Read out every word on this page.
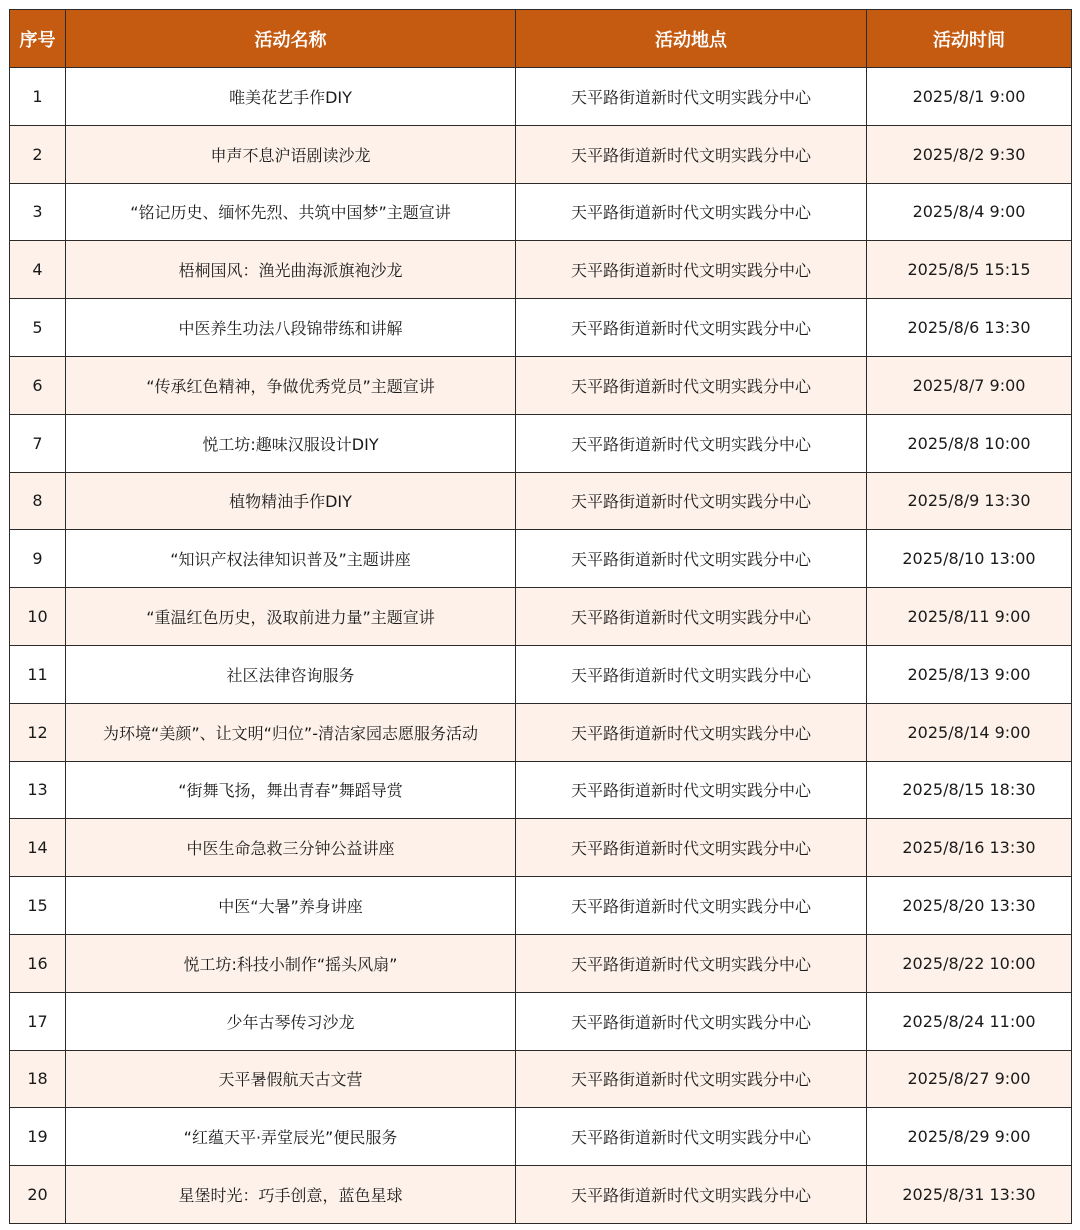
序号	活动名称	活动地点	活动时间
1	唯美花艺手作DIY	天平路街道新时代文明实践分中心	2025/8/1 9:00
2	申声不息沪语剧读沙龙	天平路街道新时代文明实践分中心	2025/8/2 9:30
3	“铭记历史、缅怀先烈、共筑中国梦”主题宣讲	天平路街道新时代文明实践分中心	2025/8/4 9:00
4	梧桐国风：渔光曲海派旗袍沙龙	天平路街道新时代文明实践分中心	2025/8/5 15:15
5	中医养生功法八段锦带练和讲解	天平路街道新时代文明实践分中心	2025/8/6 13:30
6	“传承红色精神，争做优秀党员”主题宣讲	天平路街道新时代文明实践分中心	2025/8/7 9:00
7	悦工坊:趣味汉服设计DIY	天平路街道新时代文明实践分中心	2025/8/8 10:00
8	植物精油手作DIY	天平路街道新时代文明实践分中心	2025/8/9 13:30
9	“知识产权法律知识普及”主题讲座	天平路街道新时代文明实践分中心	2025/8/10 13:00
10	“重温红色历史，汲取前进力量”主题宣讲	天平路街道新时代文明实践分中心	2025/8/11 9:00
11	社区法律咨询服务	天平路街道新时代文明实践分中心	2025/8/13 9:00
12	为环境“美颜”、让文明“归位”-清洁家园志愿服务活动	天平路街道新时代文明实践分中心	2025/8/14 9:00
13	“街舞飞扬，舞出青春”舞蹈导赏	天平路街道新时代文明实践分中心	2025/8/15 18:30
14	中医生命急救三分钟公益讲座	天平路街道新时代文明实践分中心	2025/8/16 13:30
15	中医“大暑”养身讲座	天平路街道新时代文明实践分中心	2025/8/20 13:30
16	悦工坊:科技小制作“摇头风扇”	天平路街道新时代文明实践分中心	2025/8/22 10:00
17	少年古琴传习沙龙	天平路街道新时代文明实践分中心	2025/8/24 11:00
18	天平暑假航天古文营	天平路街道新时代文明实践分中心	2025/8/27 9:00
19	“红蕴天平·弄堂辰光”便民服务	天平路街道新时代文明实践分中心	2025/8/29 9:00
20	星堡时光：巧手创意，蓝色星球	天平路街道新时代文明实践分中心	2025/8/31 13:30
